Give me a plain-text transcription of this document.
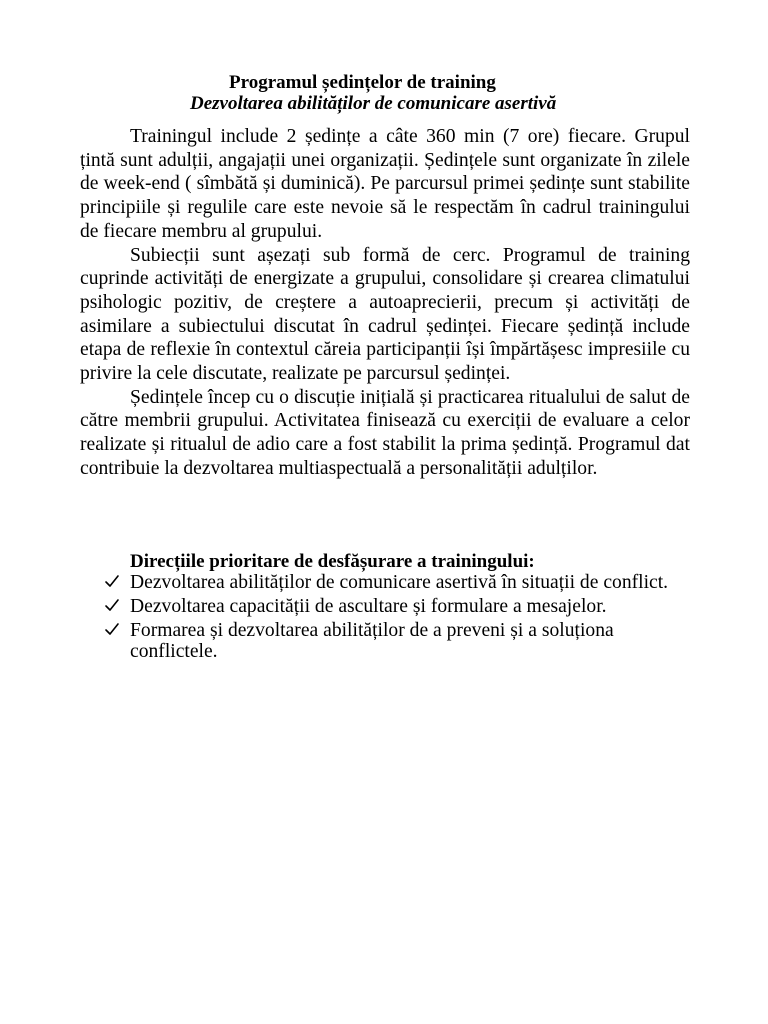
Programul ședințelor de training
Dezvoltarea abilităților de comunicare asertivă

Trainingul include 2 ședințe a câte 360 min (7 ore) fiecare. Grupul țintă sunt adulții, angajații unei organizații. Ședințele sunt organizate în zilele de week-end ( sîmbătă și duminică). Pe parcursul primei ședințe sunt stabilite principiile și regulile care este nevoie să le respectăm în cadrul trainingului de fiecare membru al grupului.

Subiecții sunt așezați sub formă de cerc. Programul de training cuprinde activități de energizate a grupului, consolidare și crearea climatului psihologic pozitiv, de creștere a autoaprecierii, precum și activități de asimilare a subiectului discutat în cadrul ședinței. Fiecare ședință include etapa de reflexie în contextul căreia participanții își împărtășesc impresiile cu privire la cele discutate, realizate pe parcursul ședinței.

Ședințele încep cu o discuție inițială și practicarea ritualului de salut de către membrii grupului. Activitatea finisează cu exerciții de evaluare a celor realizate și ritualul de adio care a fost stabilit la prima ședință. Programul dat contribuie la dezvoltarea multiaspectuală a personalității adulților.

Direcțiile prioritare de desfășurare a trainingului:
Dezvoltarea abilităților de comunicare asertivă în situații de conflict.
Dezvoltarea capacității de ascultare și formulare a mesajelor.
Formarea și dezvoltarea abilităților de a preveni și a soluționa conflictele.
